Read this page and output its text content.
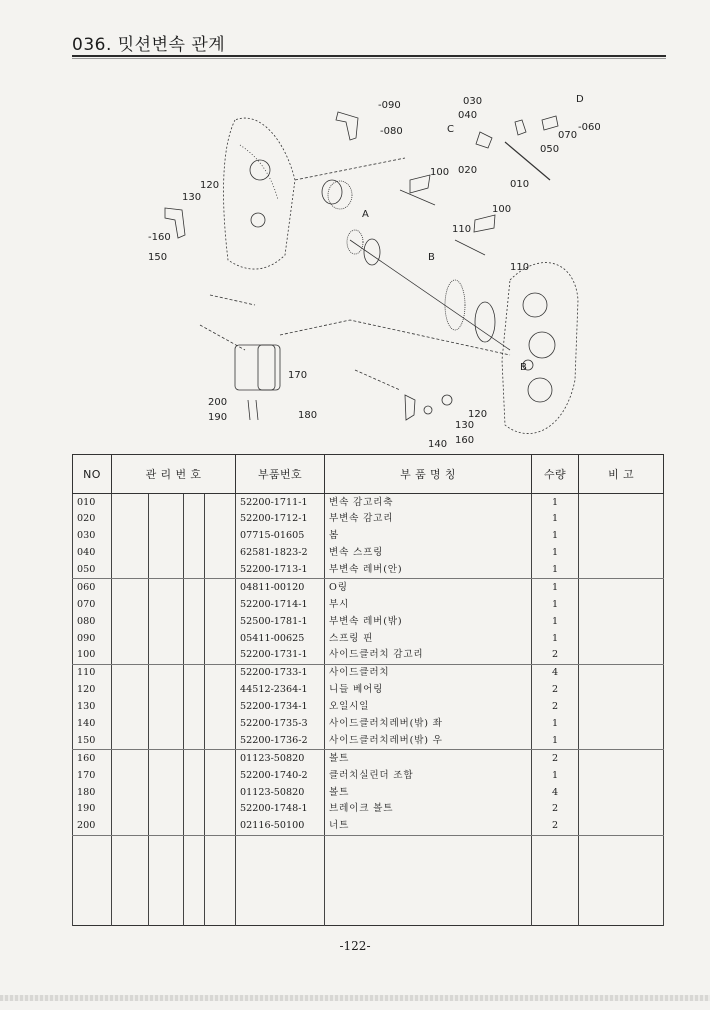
036. 밋션변속 관계
-090
-080
030
040
C
D
-060
070
050
020
100
010
100
A
110
B
110
120
130
-160
150
170
200
190	180	120
130
140 160
B
NO	관 리 번 호				부품번호	부 품 명 칭	수량	비 고
010					52200-1711-1	변속 감고리축	1	
020					52200-1712-1	부변속 감고리	1	
030					07715-01605	봄	1	
040					62581-1823-2	변속 스프링	1	
050					52200-1713-1	부변속 레버(안)	1	
060					04811-00120	O링	1	
070					52200-1714-1	부시	1	
080					52500-1781-1	부변속 레버(밖)	1	
090					05411-00625	스프링 핀	1	
100					52200-1731-1	사이드클러치 감고리	2	
110					52200-1733-1	사이드클러치	4	
120					44512-2364-1	니들 베어링	2	
130					52200-1734-1	오일시일	2	
140					52200-1735-3	사이드클러치레버(밖) 좌	1	
150					52200-1736-2	사이드클러치레버(밖) 우	1	
160					01123-50820	볼트	2	
170					52200-1740-2	클러치실린더 조합	1	
180					01123-50820	볼트	4	
190					52200-1748-1	브레이크 볼트	2	
200					02116-50100	너트	2	

-122-
